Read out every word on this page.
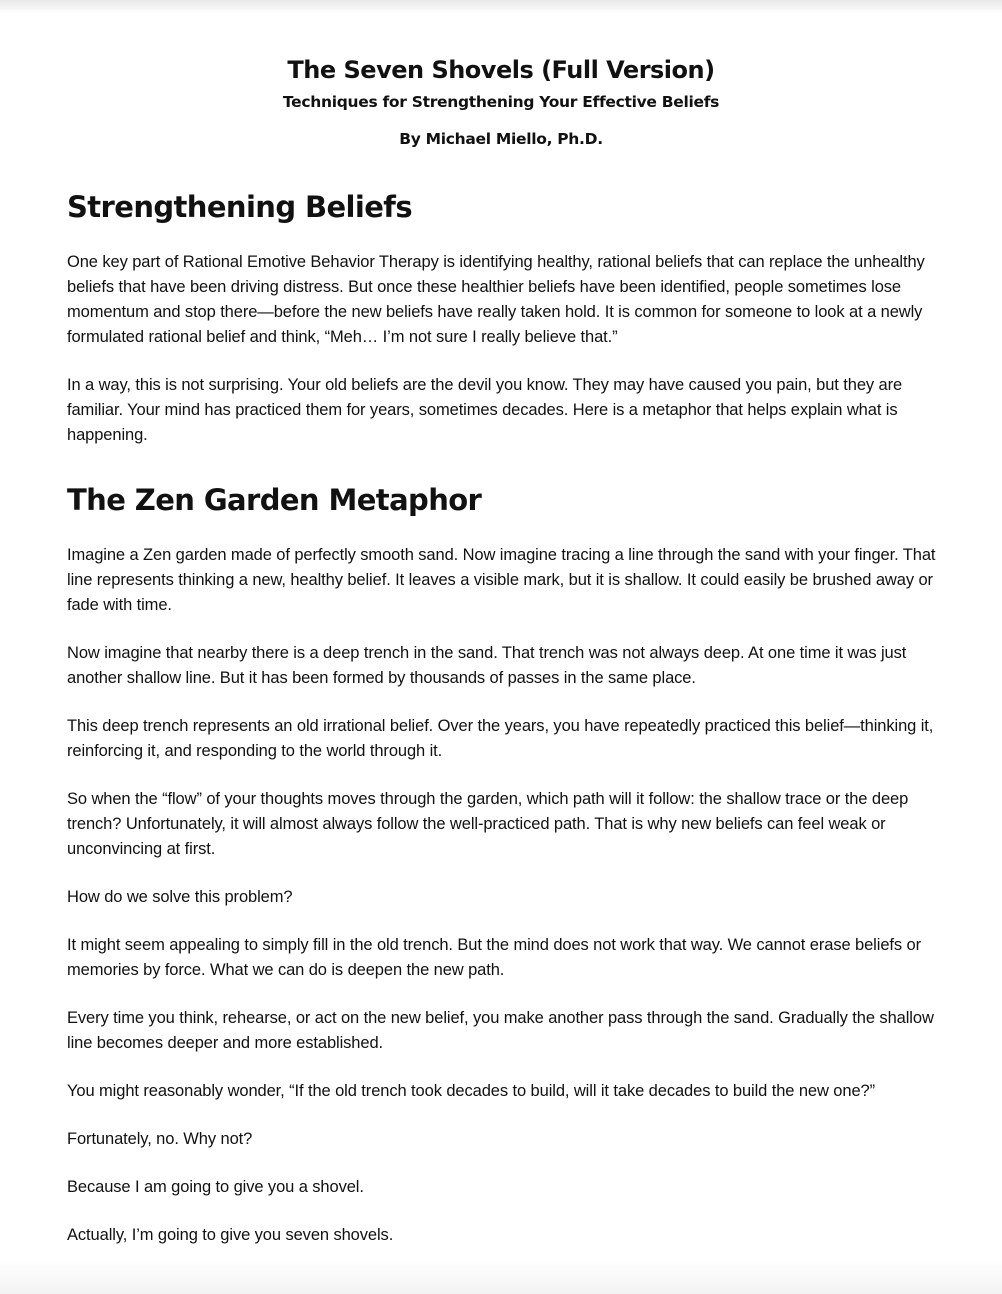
The Seven Shovels (Full Version)
Techniques for Strengthening Your Effective Beliefs
By Michael Miello, Ph.D.
Strengthening Beliefs

One key part of Rational Emotive Behavior Therapy is identifying healthy, rational beliefs that can replace the unhealthy beliefs that have been driving distress. But once these healthier beliefs have been identified, people sometimes lose momentum and stop there—before the new beliefs have really taken hold. It is common for someone to look at a newly formulated rational belief and think, “Meh… I’m not sure I really believe that.”

In a way, this is not surprising. Your old beliefs are the devil you know. They may have caused you pain, but they are familiar. Your mind has practiced them for years, sometimes decades. Here is a metaphor that helps explain what is happening.

The Zen Garden Metaphor

Imagine a Zen garden made of perfectly smooth sand. Now imagine tracing a line through the sand with your finger. That line represents thinking a new, healthy belief. It leaves a visible mark, but it is shallow. It could easily be brushed away or fade with time.

Now imagine that nearby there is a deep trench in the sand. That trench was not always deep. At one time it was just another shallow line. But it has been formed by thousands of passes in the same place.

This deep trench represents an old irrational belief. Over the years, you have repeatedly practiced this belief—thinking it, reinforcing it, and responding to the world through it.

So when the “flow” of your thoughts moves through the garden, which path will it follow: the shallow trace or the deep trench? Unfortunately, it will almost always follow the well-practiced path. That is why new beliefs can feel weak or unconvincing at first.

How do we solve this problem?

It might seem appealing to simply fill in the old trench. But the mind does not work that way. We cannot erase beliefs or memories by force. What we can do is deepen the new path.

Every time you think, rehearse, or act on the new belief, you make another pass through the sand. Gradually the shallow line becomes deeper and more established.

You might reasonably wonder, “If the old trench took decades to build, will it take decades to build the new one?”

Fortunately, no. Why not?

Because I am going to give you a shovel.

Actually, I’m going to give you seven shovels.
